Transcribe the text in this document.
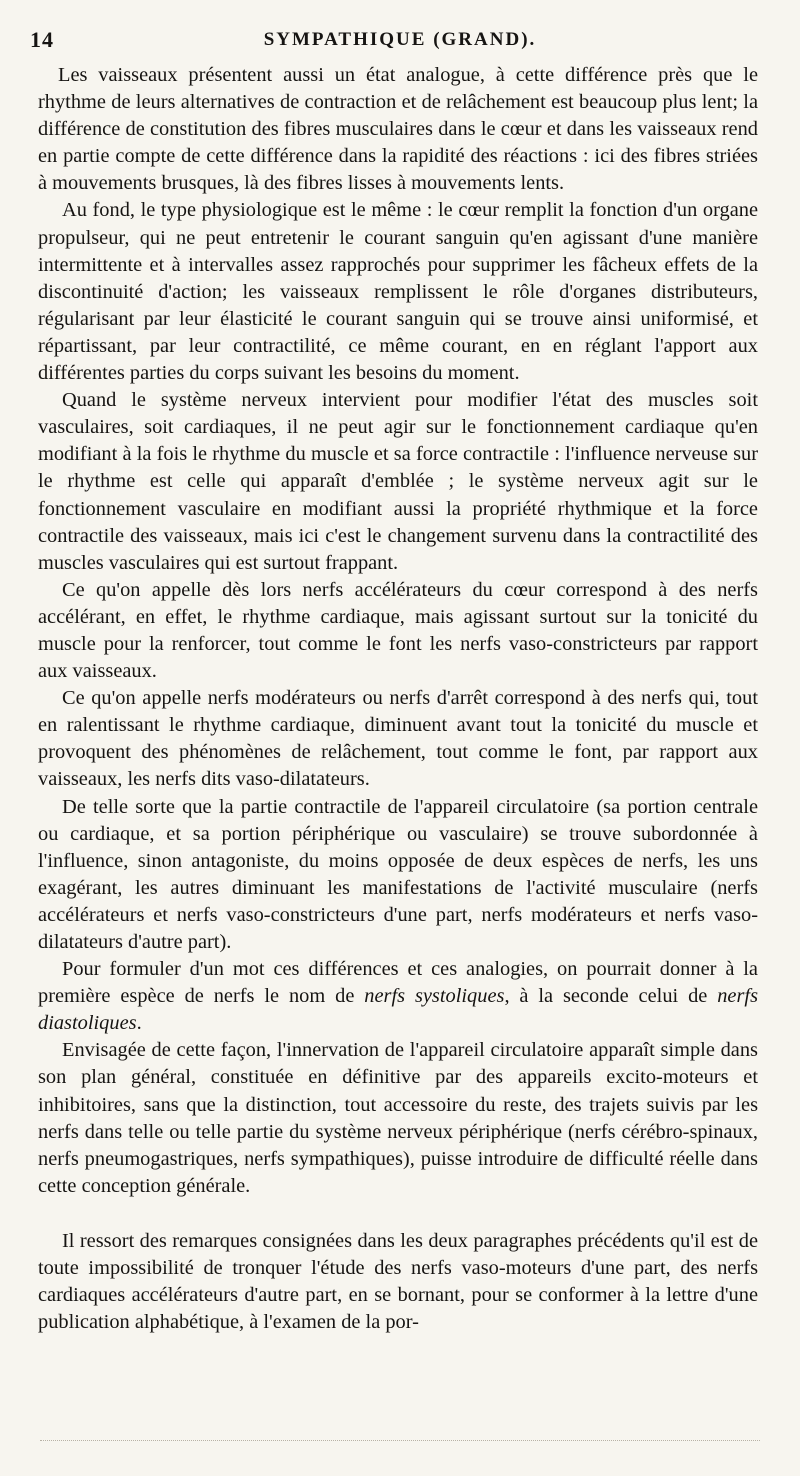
14	SYMPATHIQUE (GRAND).

Les vaisseaux présentent aussi un état analogue, à cette différence près que le rhythme de leurs alternatives de contraction et de relâchement est beaucoup plus lent; la différence de constitution des fibres musculaires dans le cœur et dans les vaisseaux rend en partie compte de cette différence dans la rapidité des réactions : ici des fibres striées à mouvements brusques, là des fibres lisses à mouvements lents.

Au fond, le type physiologique est le même : le cœur remplit la fonction d'un organe propulseur, qui ne peut entretenir le courant sanguin qu'en agissant d'une manière intermittente et à intervalles assez rapprochés pour supprimer les fâcheux effets de la discontinuité d'action; les vaisseaux remplissent le rôle d'organes distributeurs, régularisant par leur élasticité le courant sanguin qui se trouve ainsi uniformisé, et répartissant, par leur contractilité, ce même courant, en en réglant l'apport aux différentes parties du corps suivant les besoins du moment.

Quand le système nerveux intervient pour modifier l'état des muscles soit vasculaires, soit cardiaques, il ne peut agir sur le fonctionnement cardiaque qu'en modifiant à la fois le rhythme du muscle et sa force contractile : l'influence nerveuse sur le rhythme est celle qui apparaît d'emblée ; le système nerveux agit sur le fonctionnement vasculaire en modifiant aussi la propriété rhythmique et la force contractile des vaisseaux, mais ici c'est le changement survenu dans la contractilité des muscles vasculaires qui est surtout frappant.

Ce qu'on appelle dès lors nerfs accélérateurs du cœur correspond à des nerfs accélérant, en effet, le rhythme cardiaque, mais agissant surtout sur la tonicité du muscle pour la renforcer, tout comme le font les nerfs vaso-constricteurs par rapport aux vaisseaux.

Ce qu'on appelle nerfs modérateurs ou nerfs d'arrêt correspond à des nerfs qui, tout en ralentissant le rhythme cardiaque, diminuent avant tout la tonicité du muscle et provoquent des phénomènes de relâchement, tout comme le font, par rapport aux vaisseaux, les nerfs dits vaso-dilatateurs.

De telle sorte que la partie contractile de l'appareil circulatoire (sa portion centrale ou cardiaque, et sa portion périphérique ou vasculaire) se trouve subordonnée à l'influence, sinon antagoniste, du moins opposée de deux espèces de nerfs, les uns exagérant, les autres diminuant les manifestations de l'activité musculaire (nerfs accélérateurs et nerfs vaso-constricteurs d'une part, nerfs modérateurs et nerfs vaso-dilatateurs d'autre part).

Pour formuler d'un mot ces différences et ces analogies, on pourrait donner à la première espèce de nerfs le nom de nerfs systoliques, à la seconde celui de nerfs diastoliques.

Envisagée de cette façon, l'innervation de l'appareil circulatoire apparaît simple dans son plan général, constituée en définitive par des appareils excito-moteurs et inhibitoires, sans que la distinction, tout accessoire du reste, des trajets suivis par les nerfs dans telle ou telle partie du système nerveux périphérique (nerfs cérébro-spinaux, nerfs pneumogastriques, nerfs sympathiques), puisse introduire de difficulté réelle dans cette conception générale.

Il ressort des remarques consignées dans les deux paragraphes précédents qu'il est de toute impossibilité de tronquer l'étude des nerfs vaso-moteurs d'une part, des nerfs cardiaques accélérateurs d'autre part, en se bornant, pour se conformer à la lettre d'une publication alphabétique, à l'examen de la por-
